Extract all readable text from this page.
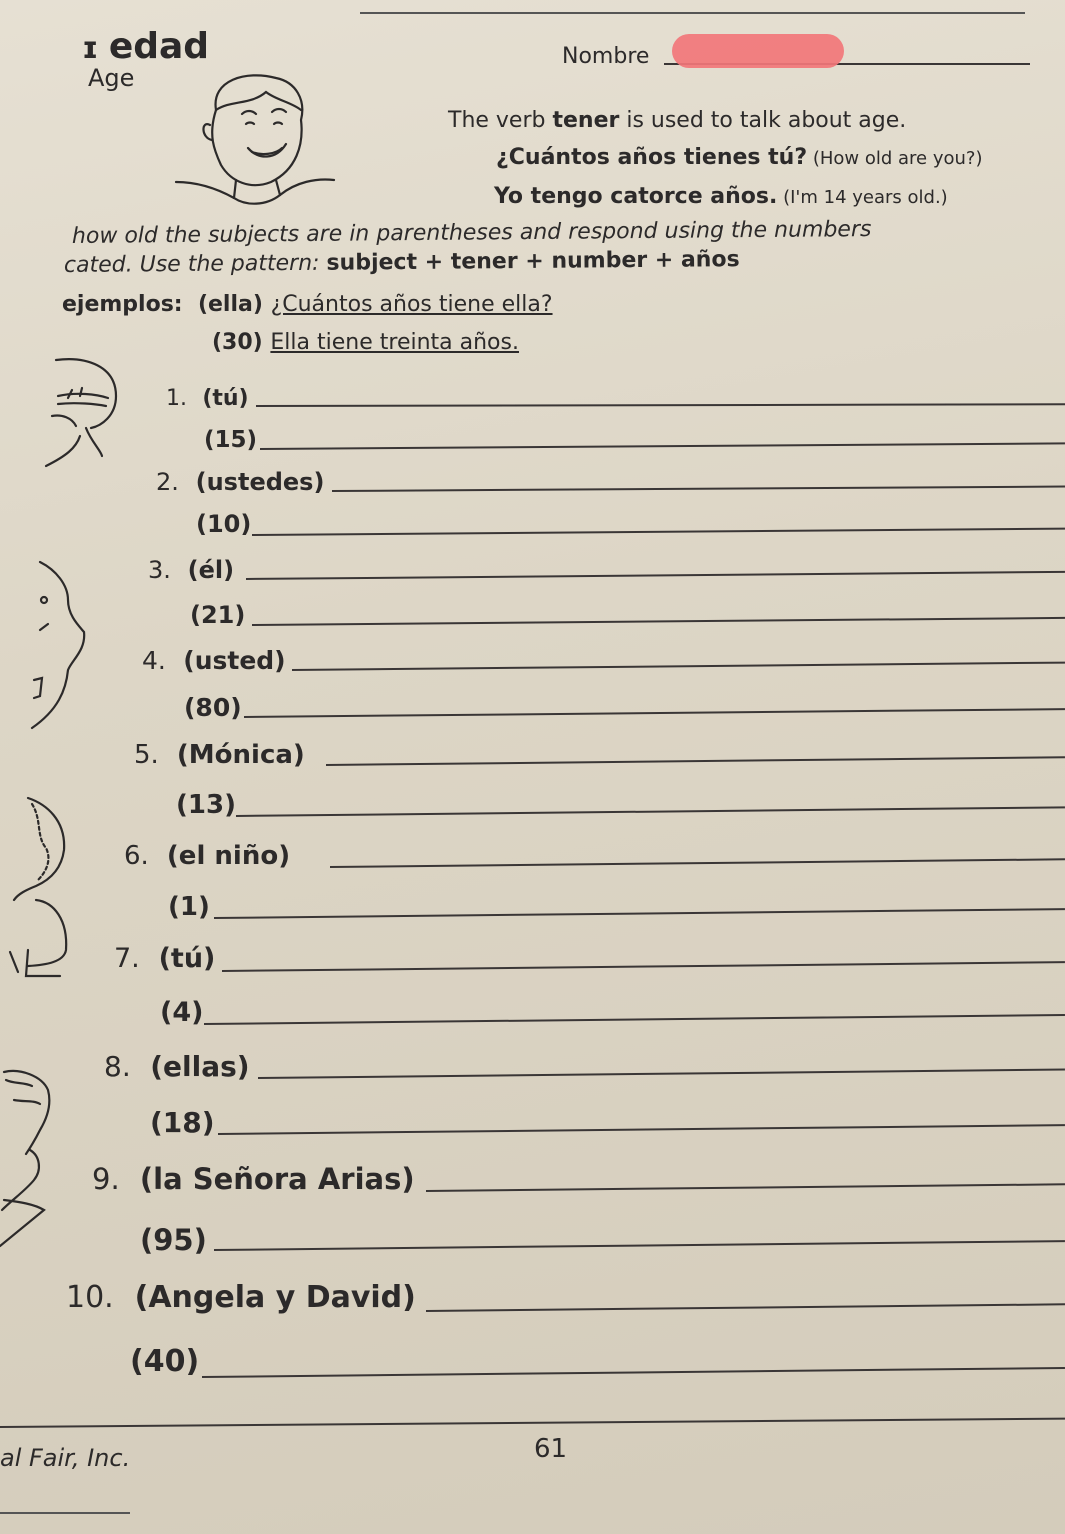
ɪ edad
Age
Nombre
The verb tener is used to talk about age.
¿Cuántos años tienes tú? (How old are you?)
Yo tengo catorce años. (I'm 14 years old.)
how old the subjects are in parentheses and respond using the numbers
cated. Use the pattern: subject + tener + number + años
ejemplos: (ella) ¿Cuántos años tiene ella?
(30) Ella tiene treinta años.
1. (tú)
(15)
2. (ustedes)
(10)
3. (él)
(21)
4. (usted)
(80)
5. (Mónica)
(13)
6. (el niño)
(1)
7. (tú)
(4)
8. (ellas)
(18)
9. (la Señora Arias)
(95)
10. (Angela y David)
(40)
al Fair, Inc.	61
